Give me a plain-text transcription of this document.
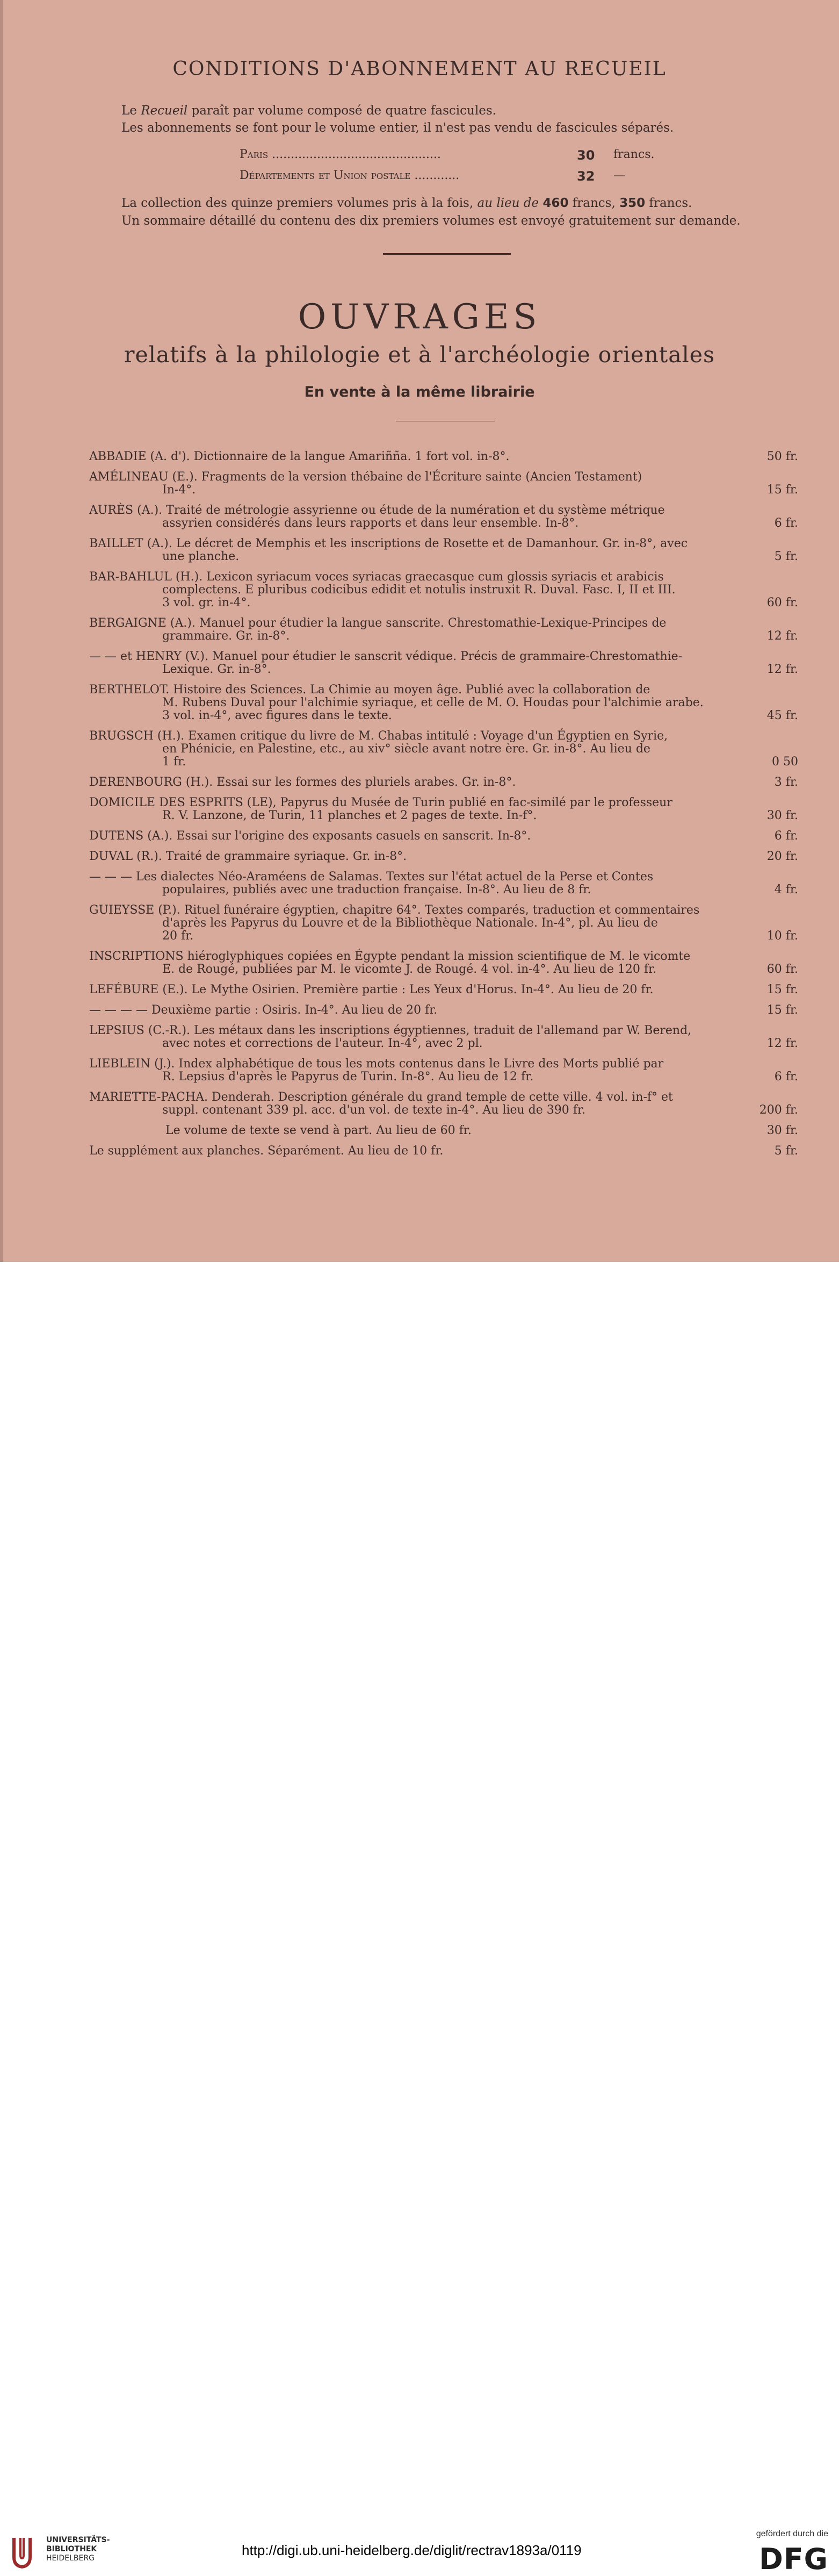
CONDITIONS D'ABONNEMENT AU RECUEIL
Le Recueil paraît par volume composé de quatre fascicules.
Les abonnements se font pour le volume entier, il n'est pas vendu de fascicules séparés.
Paris .............................................	30 francs.
Départements et Union postale ............	32 —
La collection des quinze premiers volumes pris à la fois, au lieu de 460 francs, 350 francs.
Un sommaire détaillé du contenu des dix premiers volumes est envoyé gratuitement sur demande.
OUVRAGES
relatifs à la philologie et à l'archéologie orientales
En vente à la même librairie
ABBADIE (A. d'). Dictionnaire de la langue Amariñña. 1 fort vol. in-8°.	50 fr.
AMÉLINEAU (E.). Fragments de la version thébaine de l'Écriture sainte (Ancien Testament)
In-4°.	15 fr.
AURÈS (A.). Traité de métrologie assyrienne ou étude de la numération et du système métrique
assyrien considérés dans leurs rapports et dans leur ensemble. In-8°.	6 fr.
BAILLET (A.). Le décret de Memphis et les inscriptions de Rosette et de Damanhour. Gr. in-8°, avec
une planche.	5 fr.
BAR-BAHLUL (H.). Lexicon syriacum voces syriacas graecasque cum glossis syriacis et arabicis
complectens. E pluribus codicibus edidit et notulis instruxit R. Duval. Fasc. I, II et III.
3 vol. gr. in-4°.	60 fr.
BERGAIGNE (A.). Manuel pour étudier la langue sanscrite. Chrestomathie-Lexique-Principes de
grammaire. Gr. in-8°.	12 fr.
— — et HENRY (V.). Manuel pour étudier le sanscrit védique. Précis de grammaire-Chrestomathie-
Lexique. Gr. in-8°.	12 fr.
BERTHELOT. Histoire des Sciences. La Chimie au moyen âge. Publié avec la collaboration de
M. Rubens Duval pour l'alchimie syriaque, et celle de M. O. Houdas pour l'alchimie arabe.
3 vol. in-4°, avec figures dans le texte.	45 fr.
BRUGSCH (H.). Examen critique du livre de M. Chabas intitulé : Voyage d'un Égyptien en Syrie,
en Phénicie, en Palestine, etc., au xiv° siècle avant notre ère. Gr. in-8°. Au lieu de
1 fr.	0 50
DERENBOURG (H.). Essai sur les formes des pluriels arabes. Gr. in-8°.	3 fr.
DOMICILE DES ESPRITS (LE), Papyrus du Musée de Turin publié en fac-similé par le professeur
R. V. Lanzone, de Turin, 11 planches et 2 pages de texte. In-f°.	30 fr.
DUTENS (A.). Essai sur l'origine des exposants casuels en sanscrit. In-8°.	6 fr.
DUVAL (R.). Traité de grammaire syriaque. Gr. in-8°.	20 fr.
— — — Les dialectes Néo-Araméens de Salamas. Textes sur l'état actuel de la Perse et Contes
populaires, publiés avec une traduction française. In-8°. Au lieu de 8 fr.	4 fr.
GUIEYSSE (P.). Rituel funéraire égyptien, chapitre 64°. Textes comparés, traduction et commentaires
d'après les Papyrus du Louvre et de la Bibliothèque Nationale. In-4°, pl. Au lieu de
20 fr.	10 fr.
INSCRIPTIONS hiéroglyphiques copiées en Égypte pendant la mission scientifique de M. le vicomte
E. de Rougé, publiées par M. le vicomte J. de Rougé. 4 vol. in-4°. Au lieu de 120 fr.	60 fr.
LEFÉBURE (E.). Le Mythe Osirien. Première partie : Les Yeux d'Horus. In-4°. Au lieu de 20 fr.	15 fr.
— — — — Deuxième partie : Osiris. In-4°. Au lieu de 20 fr.	15 fr.
LEPSIUS (C.-R.). Les métaux dans les inscriptions égyptiennes, traduit de l'allemand par W. Berend,
avec notes et corrections de l'auteur. In-4°, avec 2 pl.	12 fr.
LIEBLEIN (J.). Index alphabétique de tous les mots contenus dans le Livre des Morts publié par
R. Lepsius d'après le Papyrus de Turin. In-8°. Au lieu de 12 fr.	6 fr.
MARIETTE-PACHA. Denderah. Description générale du grand temple de cette ville. 4 vol. in-f° et
suppl. contenant 339 pl. acc. d'un vol. de texte in-4°. Au lieu de 390 fr.	200 fr.
Le volume de texte se vend à part. Au lieu de 60 fr.	30 fr.
Le supplément aux planches. Séparément. Au lieu de 10 fr.	5 fr.
UNIVERSITÄTS-
BIBLIOTHEK
HEIDELBERG	http://digi.ub.uni-heidelberg.de/diglit/rectrav1893a/0119
gefördert durch die
DFG
